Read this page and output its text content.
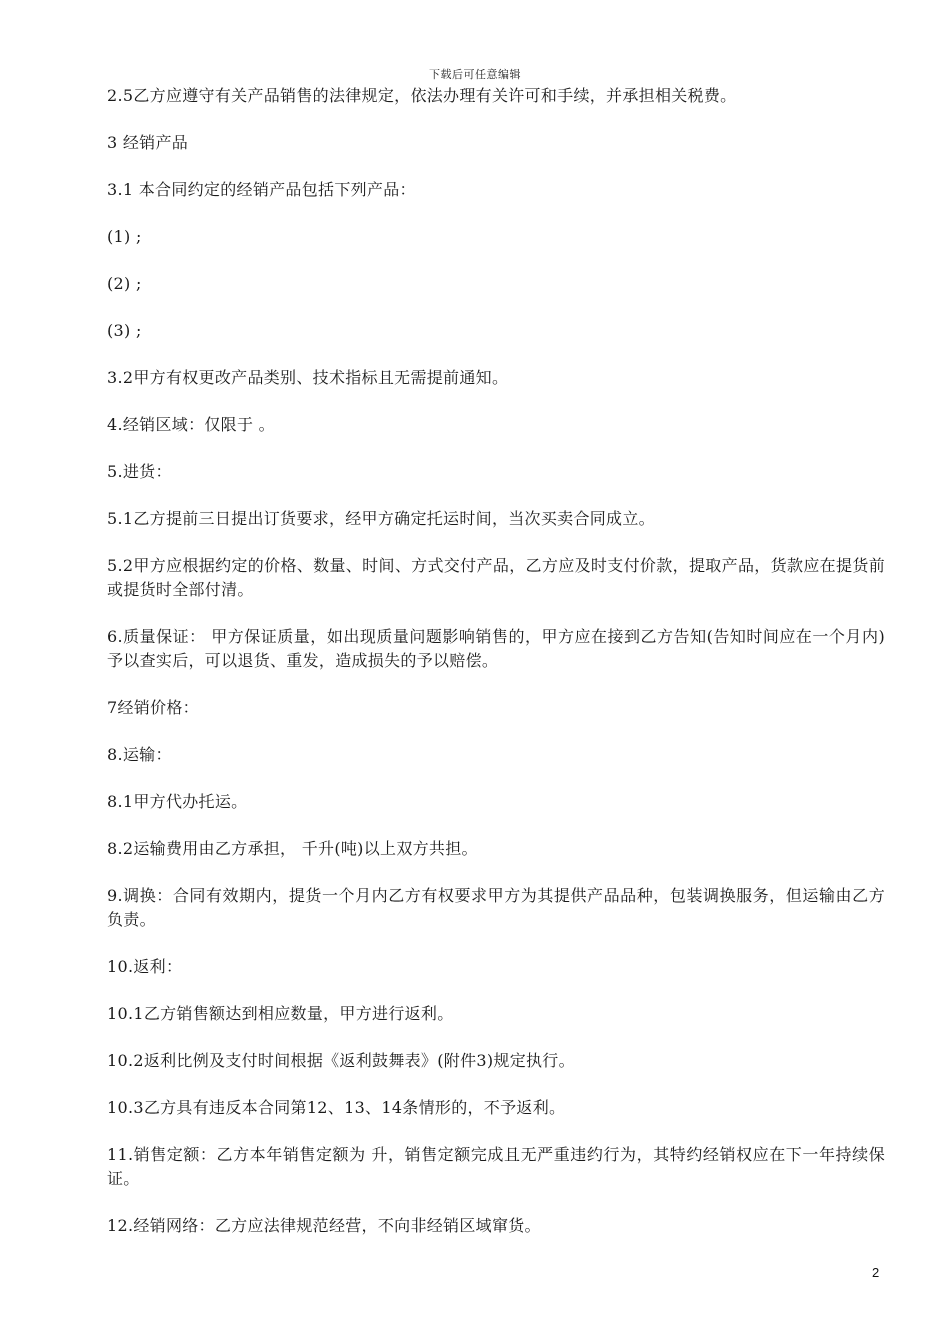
下载后可任意编辑

2.5乙方应遵守有关产品销售的法律规定，依法办理有关许可和手续，并承担相关税费。

3 经销产品

3.1 本合同约定的经销产品包括下列产品：

(1) ;

(2) ;

(3) ;

3.2甲方有权更改产品类别、技术指标且无需提前通知。

4.经销区域：仅限于 。

5.进货：

5.1乙方提前三日提出订货要求，经甲方确定托运时间，当次买卖合同成立。

5.2甲方应根据约定的价格、数量、时间、方式交付产品，乙方应及时支付价款，提取产品，货款应在提货前或提货时全部付清。

6.质量保证： 甲方保证质量，如出现质量问题影响销售的，甲方应在接到乙方告知(告知时间应在一个月内)予以查实后，可以退货、重发，造成损失的予以赔偿。

7经销价格：

8.运输：

8.1甲方代办托运。

8.2运输费用由乙方承担， 千升(吨)以上双方共担。

9.调换：合同有效期内，提货一个月内乙方有权要求甲方为其提供产品品种，包装调换服务，但运输由乙方负责。

10.返利：

10.1乙方销售额达到相应数量，甲方进行返利。

10.2返利比例及支付时间根据《返利鼓舞表》(附件3)规定执行。

10.3乙方具有违反本合同第12、13、14条情形的，不予返利。

11.销售定额：乙方本年销售定额为 升，销售定额完成且无严重违约行为，其特约经销权应在下一年持续保证。

12.经销网络：乙方应法律规范经营，不向非经销区域窜货。

2
